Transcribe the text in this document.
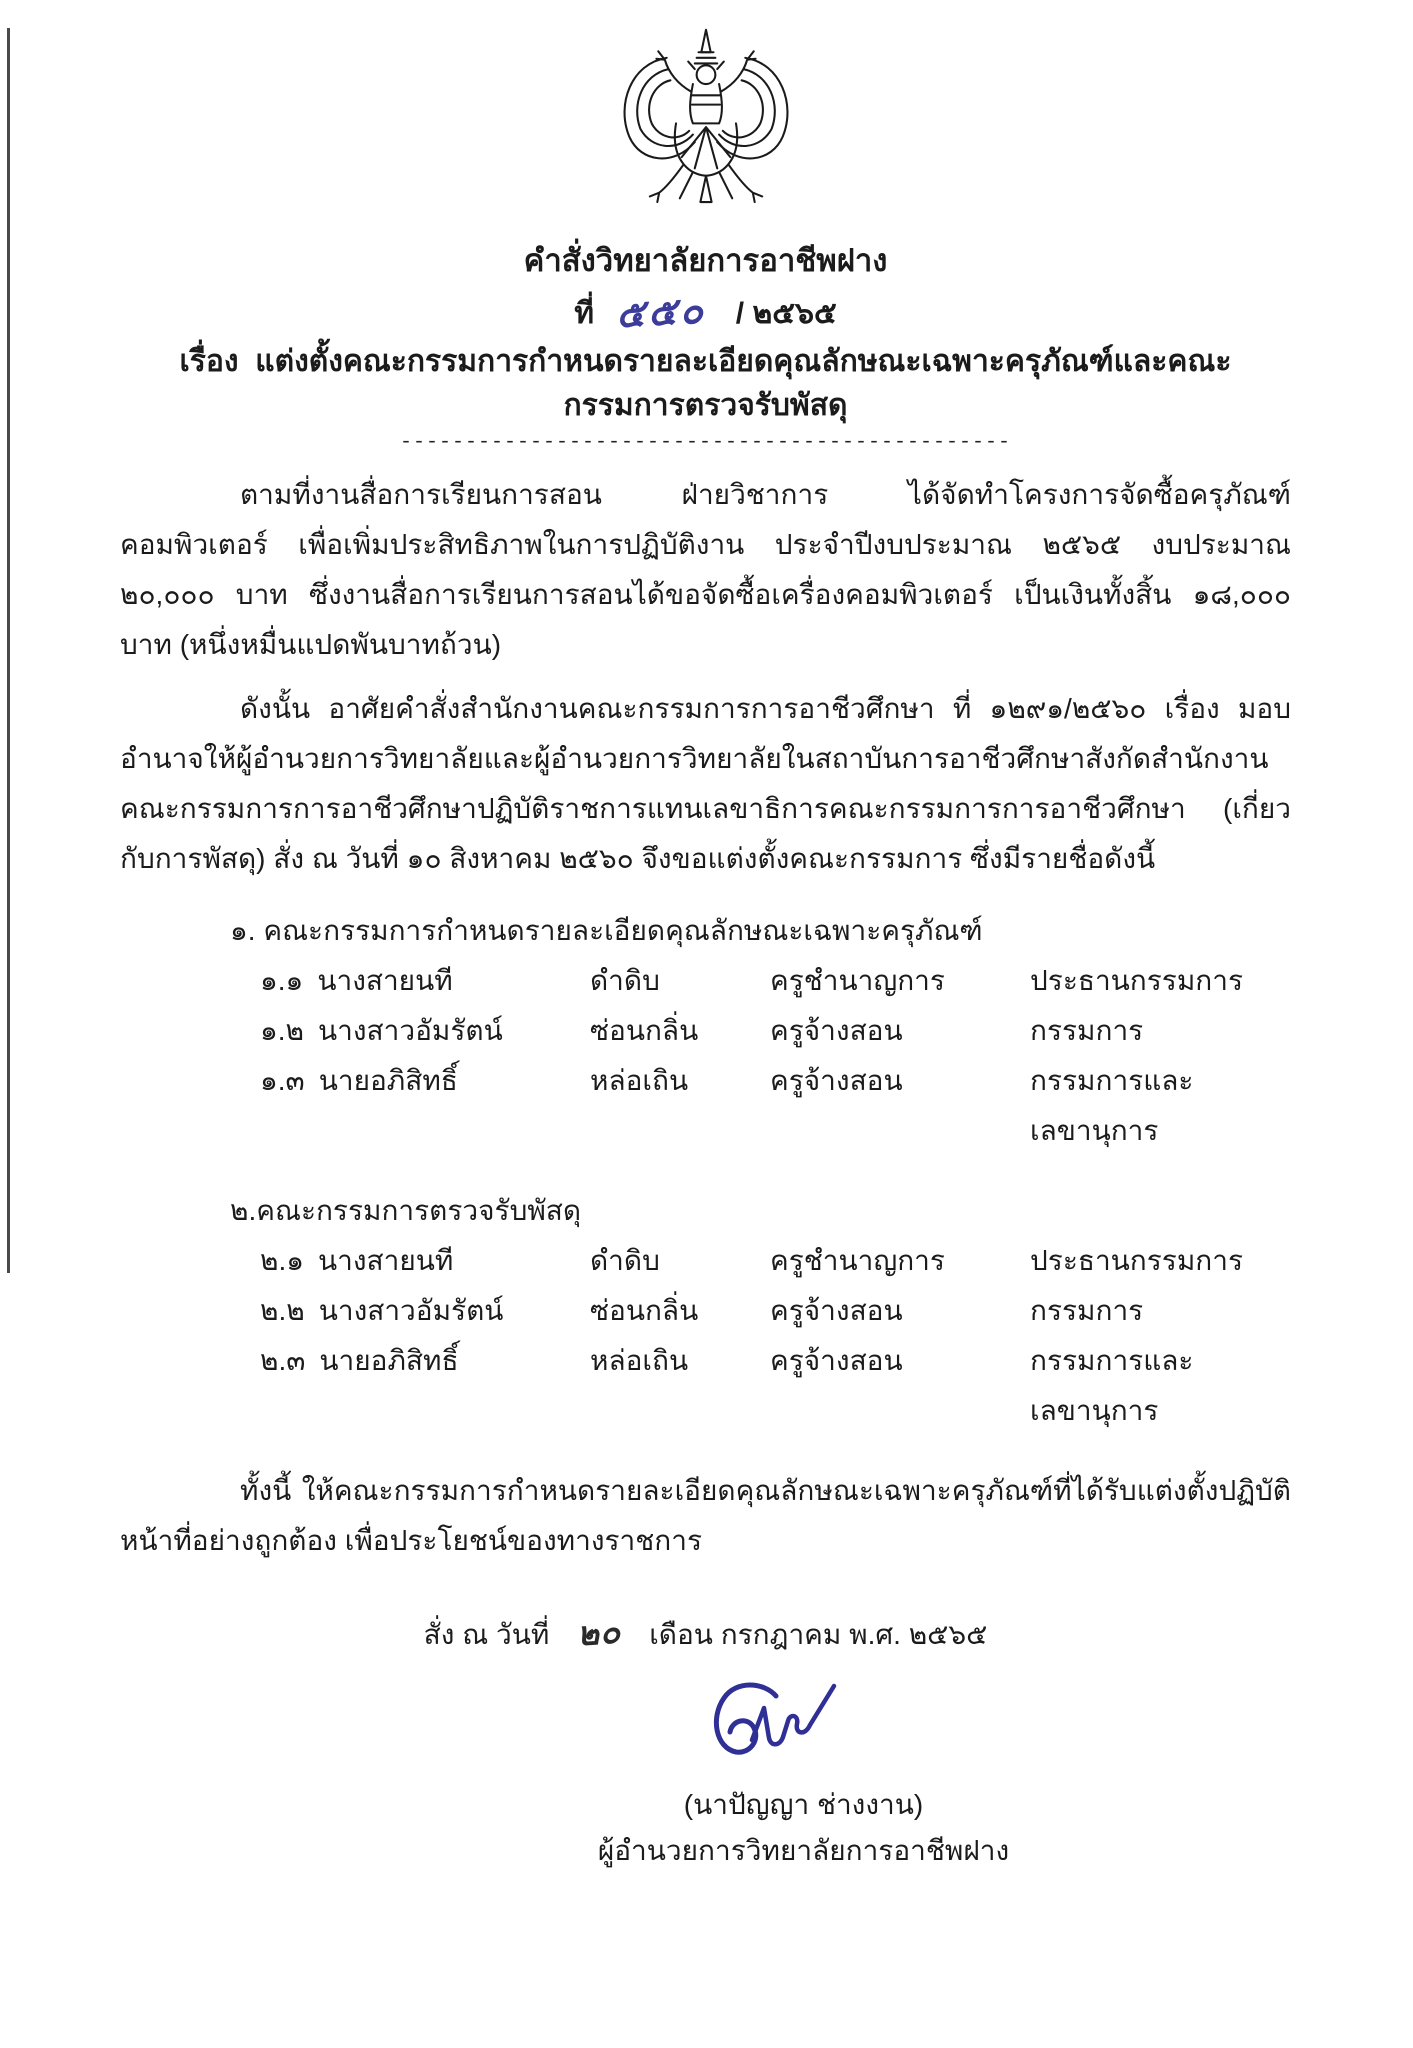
คำสั่งวิทยาลัยการอาชีพฝาง
ที่ ๕๕๐ / ๒๕๖๕
เรื่อง แต่งตั้งคณะกรรมการกำหนดรายละเอียดคุณลักษณะเฉพาะครุภัณฑ์และคณะกรรมการตรวจรับพัสดุ
-----------------------------------------------

ตามที่งานสื่อการเรียนการสอน ฝ่ายวิชาการ ได้จัดทำโครงการจัดซื้อครุภัณฑ์คอมพิวเตอร์ เพื่อเพิ่มประสิทธิภาพในการปฏิบัติงาน ประจำปีงบประมาณ ๒๕๖๕ งบประมาณ ๒๐,๐๐๐ บาท ซึ่งงานสื่อการเรียนการสอนได้ขอจัดซื้อเครื่องคอมพิวเตอร์ เป็นเงินทั้งสิ้น ๑๘,๐๐๐ บาท (หนึ่งหมื่นแปดพันบาทถ้วน)

ดังนั้น อาศัยคำสั่งสำนักงานคณะกรรมการการอาชีวศึกษา ที่ ๑๒๙๑/๒๕๖๐ เรื่อง มอบอำนาจให้ผู้อำนวยการวิทยาลัยและผู้อำนวยการวิทยาลัยในสถาบันการอาชีวศึกษาสังกัดสำนักงานคณะกรรมการการอาชีวศึกษาปฏิบัติราชการแทนเลขาธิการคณะกรรมการการอาชีวศึกษา (เกี่ยวกับการพัสดุ) สั่ง ณ วันที่ ๑๐ สิงหาคม ๒๕๖๐ จึงขอแต่งตั้งคณะกรรมการ ซึ่งมีรายชื่อดังนี้

๑. คณะกรรมการกำหนดรายละเอียดคุณลักษณะเฉพาะครุภัณฑ์
๑.๑ นางสายนที	ดำดิบ	ครูชำนาญการ	ประธานกรรมการ
๑.๒ นางสาวอัมรัตน์	ซ่อนกลิ่น	ครูจ้างสอน	กรรมการ
๑.๓ นายอภิสิทธิ์	หล่อเถิน	ครูจ้างสอน	กรรมการและเลขานุการ
๒.คณะกรรมการตรวจรับพัสดุ
๒.๑ นางสายนที	ดำดิบ	ครูชำนาญการ	ประธานกรรมการ
๒.๒ นางสาวอัมรัตน์	ซ่อนกลิ่น	ครูจ้างสอน	กรรมการ
๒.๓ นายอภิสิทธิ์	หล่อเถิน	ครูจ้างสอน	กรรมการและเลขานุการ

ทั้งนี้ ให้คณะกรรมการกำหนดรายละเอียดคุณลักษณะเฉพาะครุภัณฑ์ที่ได้รับแต่งตั้งปฏิบัติหน้าที่อย่างถูกต้อง เพื่อประโยชน์ของทางราชการ

สั่ง ณ วันที่ ๒๐ เดือน กรกฎาคม พ.ศ. ๒๕๖๕
(นาปัญญา ช่างงาน)
ผู้อำนวยการวิทยาลัยการอาชีพฝาง
